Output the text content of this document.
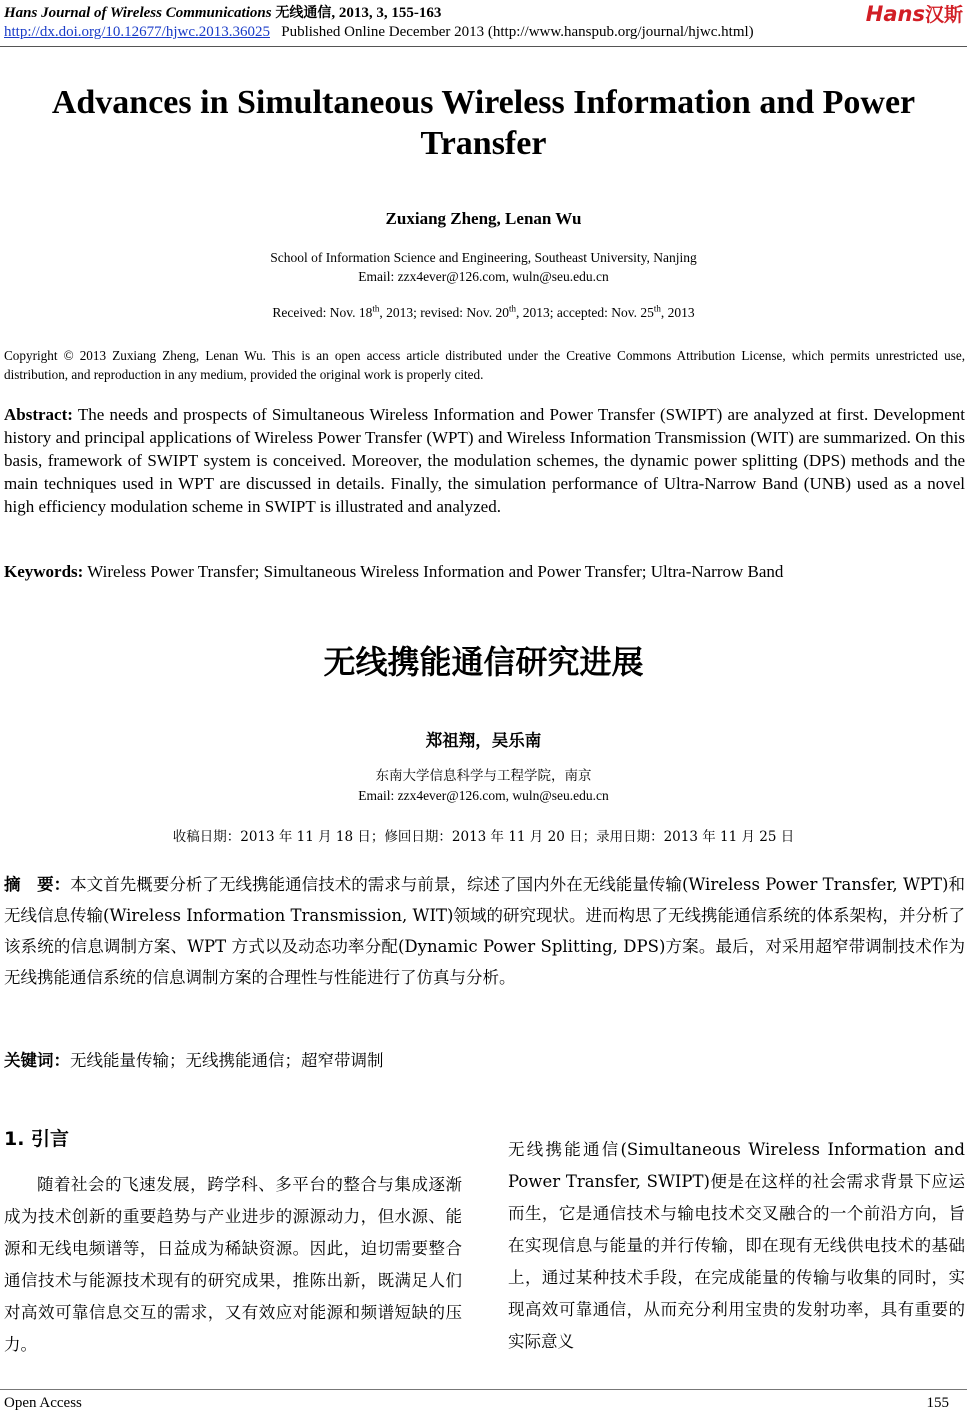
Hans Journal of Wireless Communications 无线通信, 2013, 3, 155-163
http://dx.doi.org/10.12677/hjwc.2013.36025 Published Online December 2013 (http://www.hanspub.org/journal/hjwc.html)
Hans汉斯
Advances in Simultaneous Wireless Information and Power Transfer
Zuxiang Zheng, Lenan Wu
School of Information Science and Engineering, Southeast University, Nanjing
Email: zzx4ever@126.com, wuln@seu.edu.cn
Received: Nov. 18th, 2013; revised: Nov. 20th, 2013; accepted: Nov. 25th, 2013
Copyright © 2013 Zuxiang Zheng, Lenan Wu. This is an open access article distributed under the Creative Commons Attribution License, which permits unrestricted use, distribution, and reproduction in any medium, provided the original work is properly cited.
Abstract: The needs and prospects of Simultaneous Wireless Information and Power Transfer (SWIPT) are analyzed at first. Development history and principal applications of Wireless Power Transfer (WPT) and Wireless Information Transmission (WIT) are summarized. On this basis, framework of SWIPT system is conceived. Moreover, the modulation schemes, the dynamic power splitting (DPS) methods and the main techniques used in WPT are discussed in details. Finally, the simulation performance of Ultra-Narrow Band (UNB) used as a novel high efficiency modulation scheme in SWIPT is illustrated and analyzed.
Keywords: Wireless Power Transfer; Simultaneous Wireless Information and Power Transfer; Ultra-Narrow Band
无线携能通信研究进展
郑祖翔，吴乐南
东南大学信息科学与工程学院，南京
Email: zzx4ever@126.com, wuln@seu.edu.cn
收稿日期：2013 年 11 月 18 日；修回日期：2013 年 11 月 20 日；录用日期：2013 年 11 月 25 日
摘　要：本文首先概要分析了无线携能通信技术的需求与前景，综述了国内外在无线能量传输(Wireless Power Transfer, WPT)和无线信息传输(Wireless Information Transmission, WIT)领域的研究现状。进而构思了无线携能通信系统的体系架构，并分析了该系统的信息调制方案、WPT 方式以及动态功率分配(Dynamic Power Splitting, DPS)方案。最后，对采用超窄带调制技术作为无线携能通信系统的信息调制方案的合理性与性能进行了仿真与分析。
关键词：无线能量传输；无线携能通信；超窄带调制
1. 引言
随着社会的飞速发展，跨学科、多平台的整合与集成逐渐成为技术创新的重要趋势与产业进步的源源动力，但水源、能源和无线电频谱等，日益成为稀缺资源。因此，迫切需要整合通信技术与能源技术现有的研究成果，推陈出新，既满足人们对高效可靠信息交互的需求，又有效应对能源和频谱短缺的压力。
无线携能通信(Simultaneous Wireless Information and Power Transfer, SWIPT)便是在这样的社会需求背景下应运而生，它是通信技术与输电技术交叉融合的一个前沿方向，旨在实现信息与能量的并行传输，即在现有无线供电技术的基础上，通过某种技术手段，在完成能量的传输与收集的同时，实现高效可靠通信，从而充分利用宝贵的发射功率，具有重要的实际意义
Open Access	155
